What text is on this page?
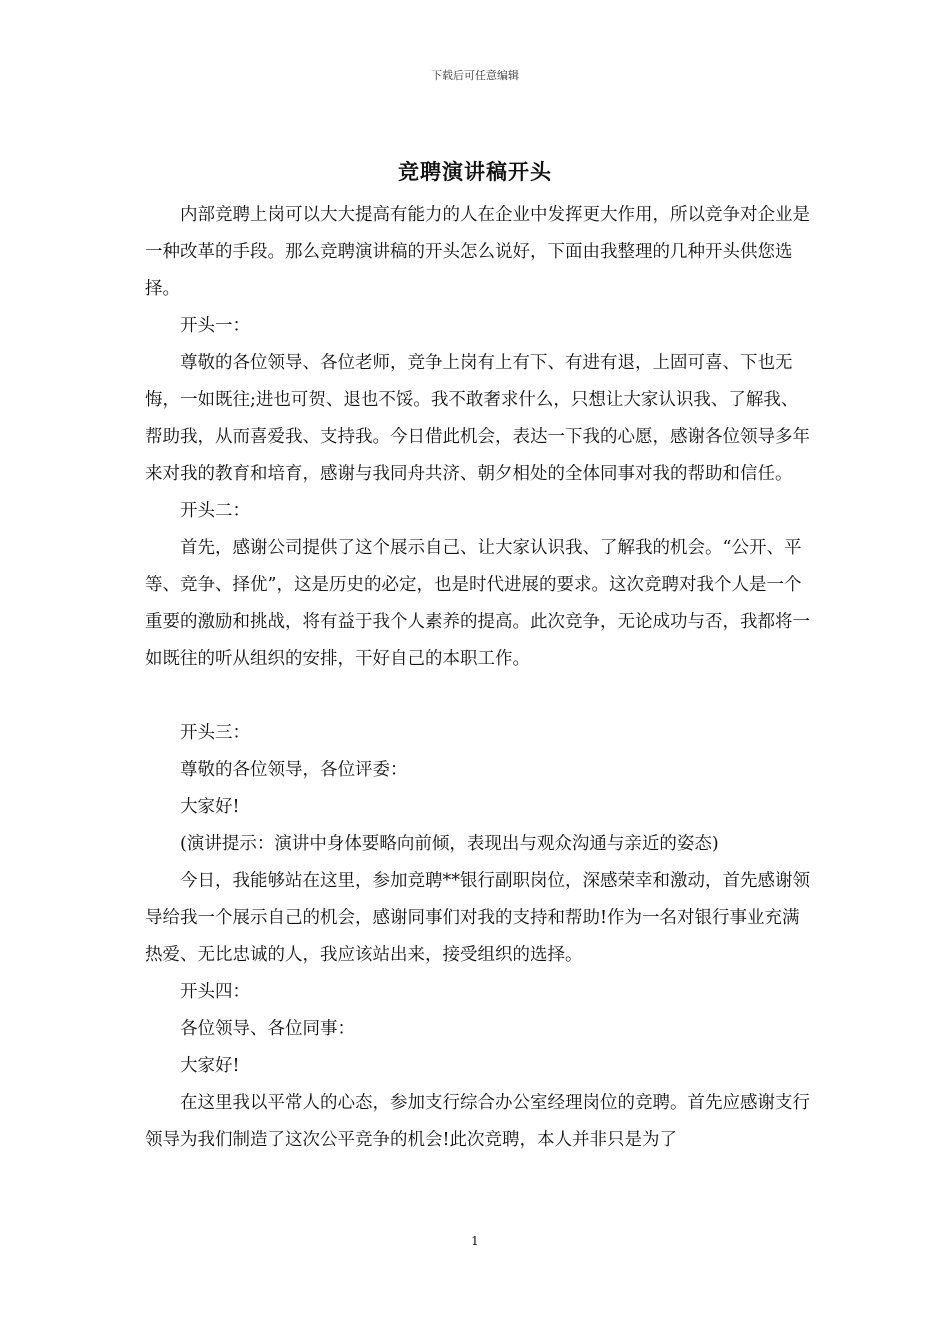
下载后可任意编辑
竞聘演讲稿开头

内部竞聘上岗可以大大提高有能力的人在企业中发挥更大作用，所以竞争对企业是一种改革的手段。那么竞聘演讲稿的开头怎么说好，下面由我整理的几种开头供您选择。

开头一：

尊敬的各位领导、各位老师，竞争上岗有上有下、有进有退，上固可喜、下也无悔，一如既往;进也可贺、退也不馁。我不敢奢求什么，只想让大家认识我、了解我、帮助我，从而喜爱我、支持我。今日借此机会，表达一下我的心愿，感谢各位领导多年来对我的教育和培育，感谢与我同舟共济、朝夕相处的全体同事对我的帮助和信任。

开头二：

首先，感谢公司提供了这个展示自己、让大家认识我、了解我的机会。“公开、平等、竞争、择优”，这是历史的必定，也是时代进展的要求。这次竞聘对我个人是一个重要的激励和挑战，将有益于我个人素养的提高。此次竞争，无论成功与否，我都将一如既往的听从组织的安排，干好自己的本职工作。

开头三：

尊敬的各位领导，各位评委：

大家好!

(演讲提示：演讲中身体要略向前倾，表现出与观众沟通与亲近的姿态)

今日，我能够站在这里，参加竞聘**银行副职岗位，深感荣幸和激动，首先感谢领导给我一个展示自己的机会，感谢同事们对我的支持和帮助!作为一名对银行事业充满热爱、无比忠诚的人，我应该站出来，接受组织的选择。

开头四：

各位领导、各位同事：

大家好!

在这里我以平常人的心态，参加支行综合办公室经理岗位的竞聘。首先应感谢支行领导为我们制造了这次公平竞争的机会!此次竞聘，本人并非只是为了

1
